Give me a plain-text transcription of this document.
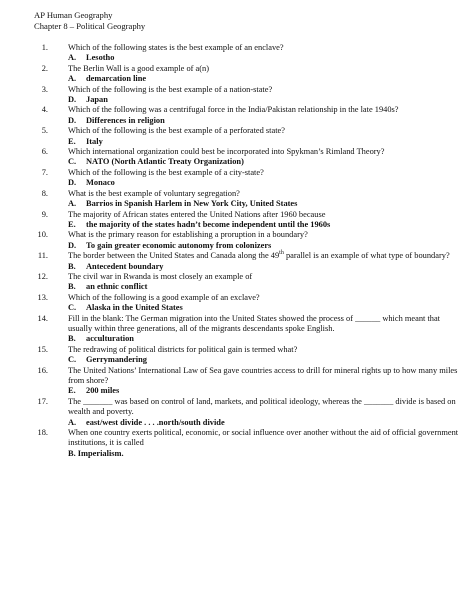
AP Human Geography
Chapter 8 – Political Geography
1. Which of the following states is the best example of an enclave?
A. Lesotho
2. The Berlin Wall is a good example of a(n)
A. demarcation line
3. Which of the following is the best example of a nation-state?
D. Japan
4. Which of the following was a centrifugal force in the India/Pakistan relationship in the late 1940s?
D. Differences in religion
5. Which of the following is the best example of a perforated state?
E. Italy
6. Which international organization could best be incorporated into Spykman’s Rimland Theory?
C. NATO (North Atlantic Treaty Organization)
7. Which of the following is the best example of a city-state?
D. Monaco
8. What is the best example of voluntary segregation?
A. Barrios in Spanish Harlem in New York City, United States
9. The majority of African states entered the United Nations after 1960 because
E. the majority of the states hadn’t become independent until the 1960s
10. What is the primary reason for establishing a proruption in a boundary?
D. To gain greater economic autonomy from colonizers
11. The border between the United States and Canada along the 49th parallel is an example of what type of boundary?
B. Antecedent boundary
12. The civil war in Rwanda is most closely an example of
B. an ethnic conflict
13. Which of the following is a good example of an exclave?
C. Alaska in the United States
14. Fill in the blank: The German migration into the United States showed the process of ______ which meant that usually within three generations, all of the migrants descendants spoke English.
B. acculturation
15. The redrawing of political districts for political gain is termed what?
C. Gerrymandering
16. The United Nations’ International Law of Sea gave countries access to drill for mineral rights up to how many miles from shore?
E. 200 miles
17. The _______ was based on control of land, markets, and political ideology, whereas the _______ divide is based on wealth and poverty.
A. east/west divide . . . .north/south divide
18. When one country exerts political, economic, or social influence over another without the aid of official government institutions, it is called
B. Imperialism.
